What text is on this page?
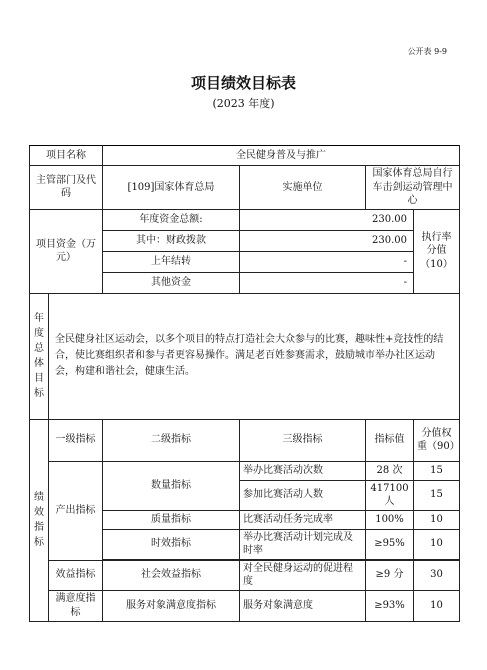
公开表 9-9
项目绩效目标表
(2023 年度)
项目名称		全民健身普及与推广			
主管部门及代码		[109]国家体育总局	实施单位	国家体育总局自行车击剑运动管理中心	
项目资金（万元）		年度资金总额:	230.00		执行率分值（10）
		其中：财政拨款	230.00		
		上年结转	-		
		其他资金	-		
年度总体目标	全民健身社区运动会，以多个项目的特点打造社会大众参与的比赛，趣味性+竞技性的结合，使比赛组织者和参与者更容易操作。满足老百姓参赛需求，鼓励城市举办社区运动会，构建和谐社会，健康生活。				
绩效指标	一级指标	二级指标	三级指标	指标值	分值权重（90）
	产出指标	数量指标	举办比赛活动次数	28 次	15
			参加比赛活动人数	417100 人	15
		质量指标	比赛活动任务完成率	100%	10
		时效指标	举办比赛活动计划完成及时率	≥95%	10

	效益指标	社会效益指标	对全民健身运动的促进程度	≥9 分	30
	满意度指标	服务对象满意度指标	服务对象满意度	≥93%	10
